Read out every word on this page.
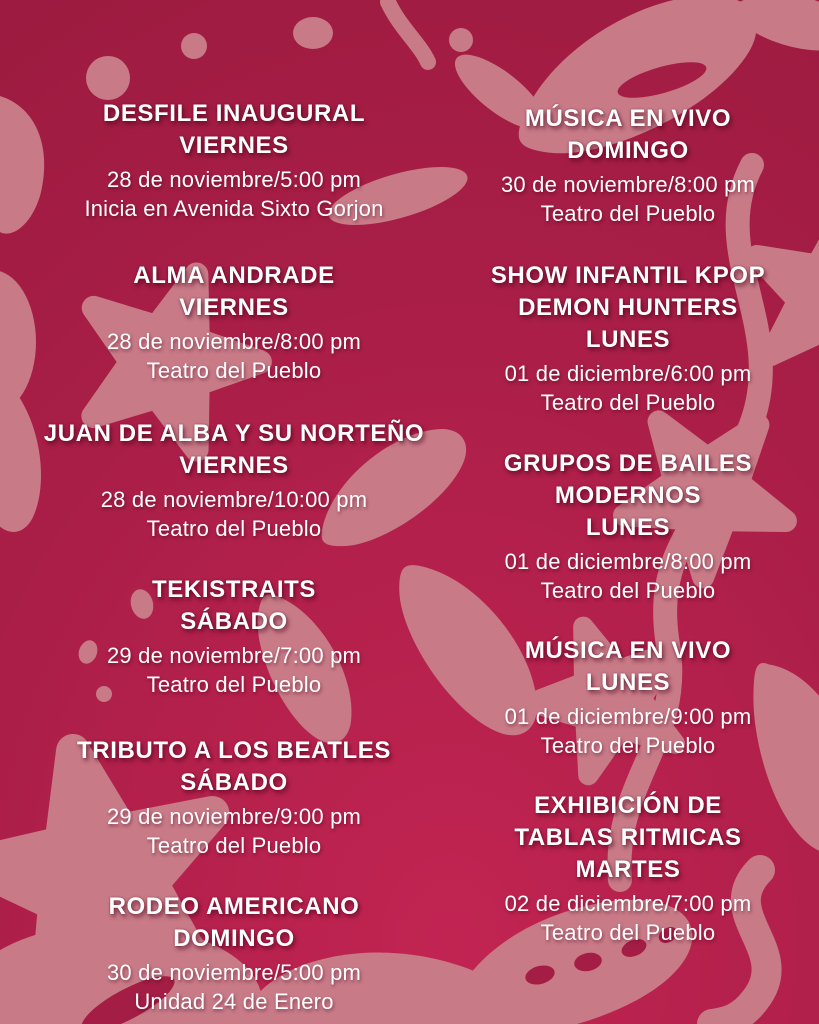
DESFILE INAUGURAL
VIERNES
28 de noviembre/5:00 pm
Inicia en Avenida Sixto Gorjon
ALMA ANDRADE
VIERNES
28 de noviembre/8:00 pm
Teatro del Pueblo
JUAN DE ALBA Y SU NORTEÑO
VIERNES
28 de noviembre/10:00 pm
Teatro del Pueblo
TEKISTRAITS
SÁBADO
29 de noviembre/7:00 pm
Teatro del Pueblo
TRIBUTO A LOS BEATLES
SÁBADO
29 de noviembre/9:00 pm
Teatro del Pueblo
RODEO AMERICANO
DOMINGO
30 de noviembre/5:00 pm
Unidad 24 de Enero
MÚSICA EN VIVO
DOMINGO
30 de noviembre/8:00 pm
Teatro del Pueblo
SHOW INFANTIL KPOP
DEMON HUNTERS
LUNES
01 de diciembre/6:00 pm
Teatro del Pueblo
GRUPOS DE BAILES
MODERNOS
LUNES
01 de diciembre/8:00 pm
Teatro del Pueblo
MÚSICA EN VIVO
LUNES
01 de diciembre/9:00 pm
Teatro del Pueblo
EXHIBICIÓN DE
TABLAS RITMICAS
MARTES
02 de diciembre/7:00 pm
Teatro del Pueblo
